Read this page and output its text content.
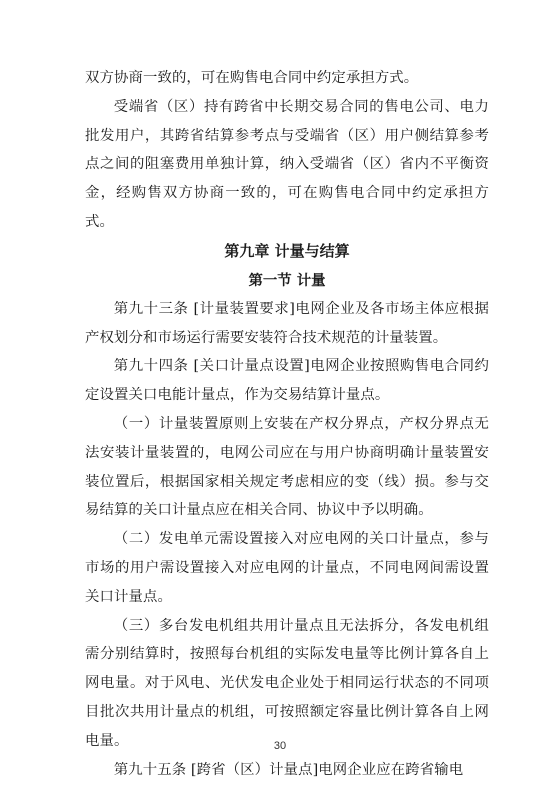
双方协商一致的，可在购售电合同中约定承担方式。

受端省（区）持有跨省中长期交易合同的售电公司、电力批发用户，其跨省结算参考点与受端省（区）用户侧结算参考点之间的阻塞费用单独计算，纳入受端省（区）省内不平衡资金，经购售双方协商一致的，可在购售电合同中约定承担方式。

第九章 计量与结算
第一节 计量

第九十三条 [计量装置要求]电网企业及各市场主体应根据产权划分和市场运行需要安装符合技术规范的计量装置。

第九十四条 [关口计量点设置]电网企业按照购售电合同约定设置关口电能计量点，作为交易结算计量点。

（一）计量装置原则上安装在产权分界点，产权分界点无法安装计量装置的，电网公司应在与用户协商明确计量装置安装位置后，根据国家相关规定考虑相应的变（线）损。参与交易结算的关口计量点应在相关合同、协议中予以明确。

（二）发电单元需设置接入对应电网的关口计量点，参与市场的用户需设置接入对应电网的计量点，不同电网间需设置关口计量点。

（三）多台发电机组共用计量点且无法拆分，各发电机组需分别结算时，按照每台机组的实际发电量等比例计算各自上网电量。对于风电、光伏发电企业处于相同运行状态的不同项目批次共用计量点的机组，可按照额定容量比例计算各自上网电量。

第九十五条 [跨省（区）计量点]电网企业应在跨省输电

30
